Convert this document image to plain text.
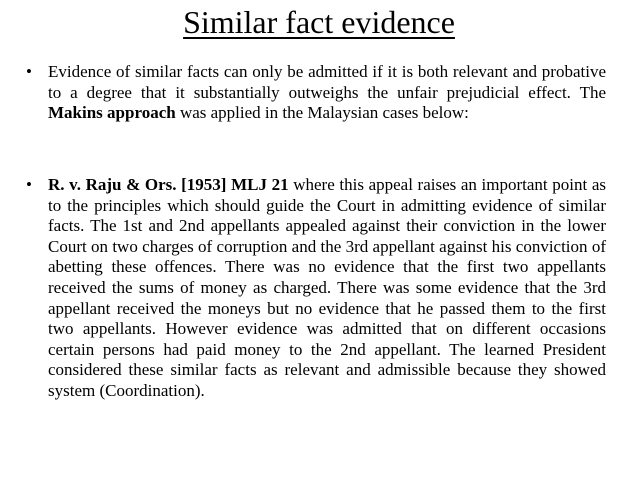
Similar fact evidence
• Evidence of similar facts can only be admitted if it is both relevant and probative to a degree that it substantially outweighs the unfair prejudicial effect. The Makins approach was applied in the Malaysian cases below:
• R. v. Raju & Ors. [1953] MLJ 21 where this appeal raises an important point as to the principles which should guide the Court in admitting evidence of similar facts. The 1st and 2nd appellants appealed against their conviction in the lower Court on two charges of corruption and the 3rd appellant against his conviction of abetting these offences. There was no evidence that the first two appellants received the sums of money as charged. There was some evidence that the 3rd appellant received the moneys but no evidence that he passed them to the first two appellants. However evidence was admitted that on different occasions certain persons had paid money to the 2nd appellant. The learned President considered these similar facts as relevant and admissible because they showed system (Coordination).
